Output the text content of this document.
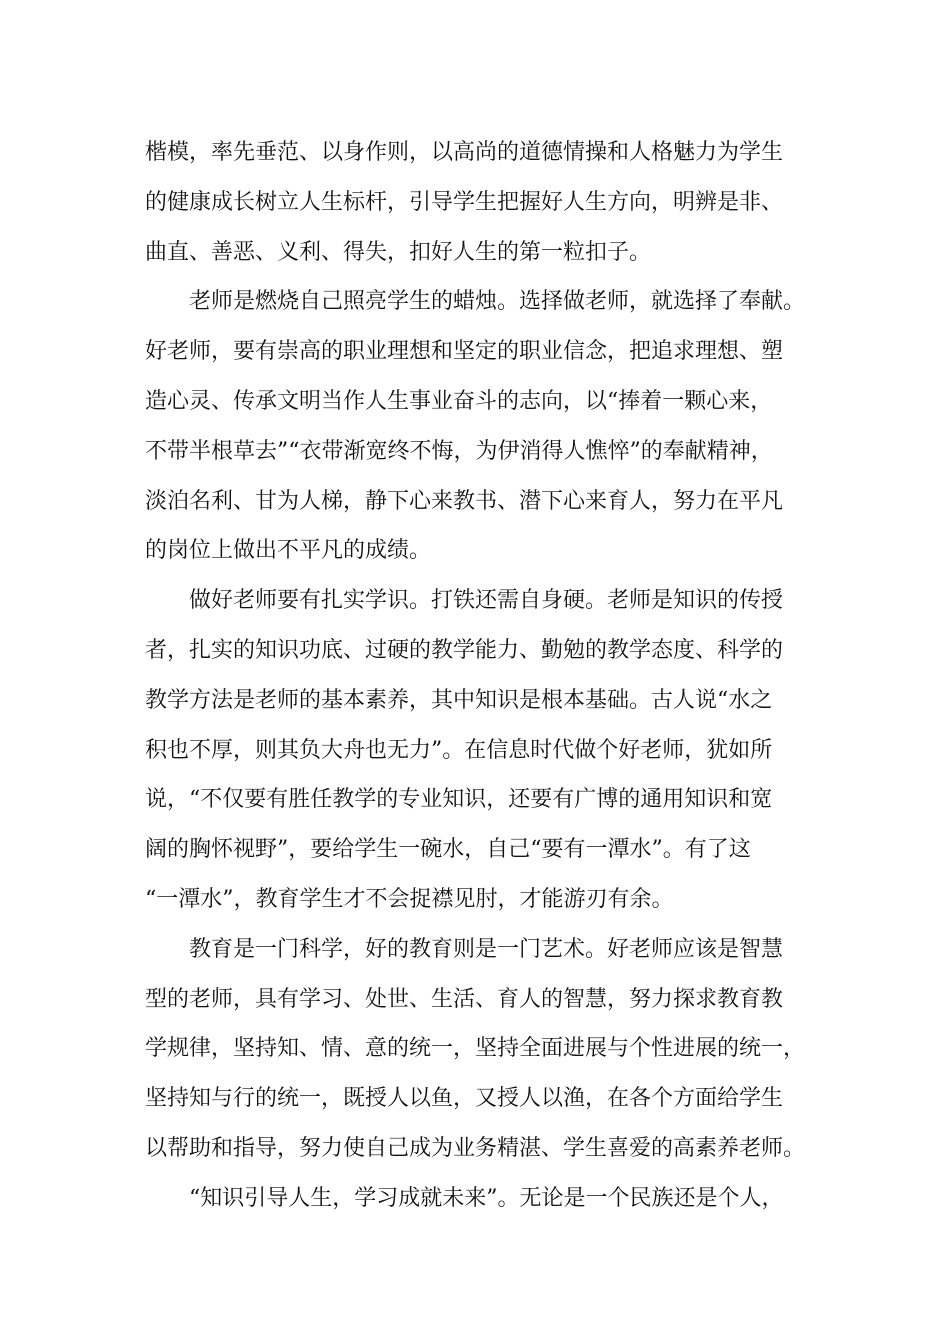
楷模，率先垂范、以身作则，以高尚的道德情操和人格魅力为学生
的健康成长树立人生标杆，引导学生把握好人生方向，明辨是非、
曲直、善恶、义利、得失，扣好人生的第一粒扣子。
老师是燃烧自己照亮学生的蜡烛。选择做老师，就选择了奉献。
好老师，要有崇高的职业理想和坚定的职业信念，把追求理想、塑
造心灵、传承文明当作人生事业奋斗的志向，以“捧着一颗心来，
不带半根草去”“衣带渐宽终不悔，为伊消得人憔悴”的奉献精神，
淡泊名利、甘为人梯，静下心来教书、潜下心来育人，努力在平凡
的岗位上做出不平凡的成绩。
做好老师要有扎实学识。打铁还需自身硬。老师是知识的传授
者，扎实的知识功底、过硬的教学能力、勤勉的教学态度、科学的
教学方法是老师的基本素养，其中知识是根本基础。古人说“水之
积也不厚，则其负大舟也无力”。在信息时代做个好老师，犹如所
说，“不仅要有胜任教学的专业知识，还要有广博的通用知识和宽
阔的胸怀视野”，要给学生一碗水，自己“要有一潭水”。有了这
“一潭水”，教育学生才不会捉襟见肘，才能游刃有余。
教育是一门科学，好的教育则是一门艺术。好老师应该是智慧
型的老师，具有学习、处世、生活、育人的智慧，努力探求教育教
学规律，坚持知、情、意的统一，坚持全面进展与个性进展的统一，
坚持知与行的统一，既授人以鱼，又授人以渔，在各个方面给学生
以帮助和指导，努力使自己成为业务精湛、学生喜爱的高素养老师。
“知识引导人生，学习成就未来”。无论是一个民族还是个人，
